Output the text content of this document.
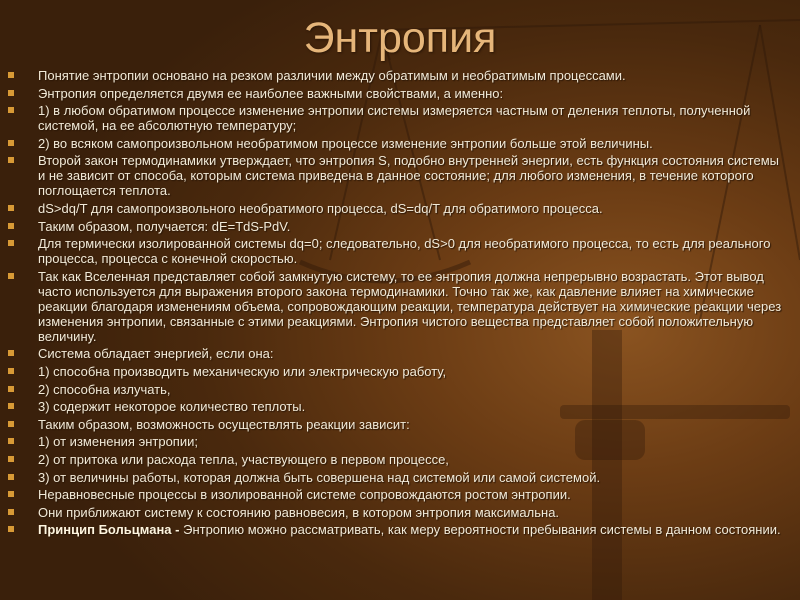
Энтропия
Понятие энтропии основано на резком различии между обратимым и необратимым процессами.
Энтропия определяется двумя ее наиболее важными свойствами, а именно:
1) в любом обратимом процессе изменение энтропии системы измеряется частным от деления теплоты, полученной системой, на ее абсолютную температуру;
2) во всяком самопроизвольном необратимом процессе изменение энтропии больше этой величины.
Второй закон термодинамики утверждает, что энтропия S, подобно внутренней энергии, есть функция состояния системы и не зависит от способа, которым система приведена в данное состояние; для любого изменения, в течение которого поглощается теплота.
dS>dq/T для самопроизвольного необратимого процесса, dS=dq/T для обратимого процесса.
Таким образом, получается: dE=TdS-PdV.
Для термически изолированной системы dq=0; следовательно, dS>0 для необратимого процесса, то есть для реального процесса, процесса с конечной скоростью.
Так как Вселенная представляет собой замкнутую систему, то ее энтропия должна непрерывно возрастать. Этот вывод часто используется для выражения второго закона термодинамики. Точно так же, как давление влияет на химические реакции благодаря изменениям объема, сопровождающим реакции, температура действует на химические реакции через изменения энтропии, связанные с этими реакциями. Энтропия чистого вещества представляет собой положительную величину.
Система обладает энергией, если она:
1) способна производить механическую или электрическую работу,
2) способна излучать,
3) содержит некоторое количество теплоты.
Таким образом, возможность осуществлять реакции зависит:
1) от изменения энтропии;
2) от притока или расхода тепла, участвующего в первом процессе,
3) от величины работы, которая должна быть совершена над системой или самой системой.
Неравновесные процессы в изолированной системе сопровождаются ростом энтропии.
Они приближают систему к состоянию равновесия, в котором энтропия максимальна.
Принцип Больцмана - Энтропию можно рассматривать, как меру вероятности пребывания системы в данном состоянии.
